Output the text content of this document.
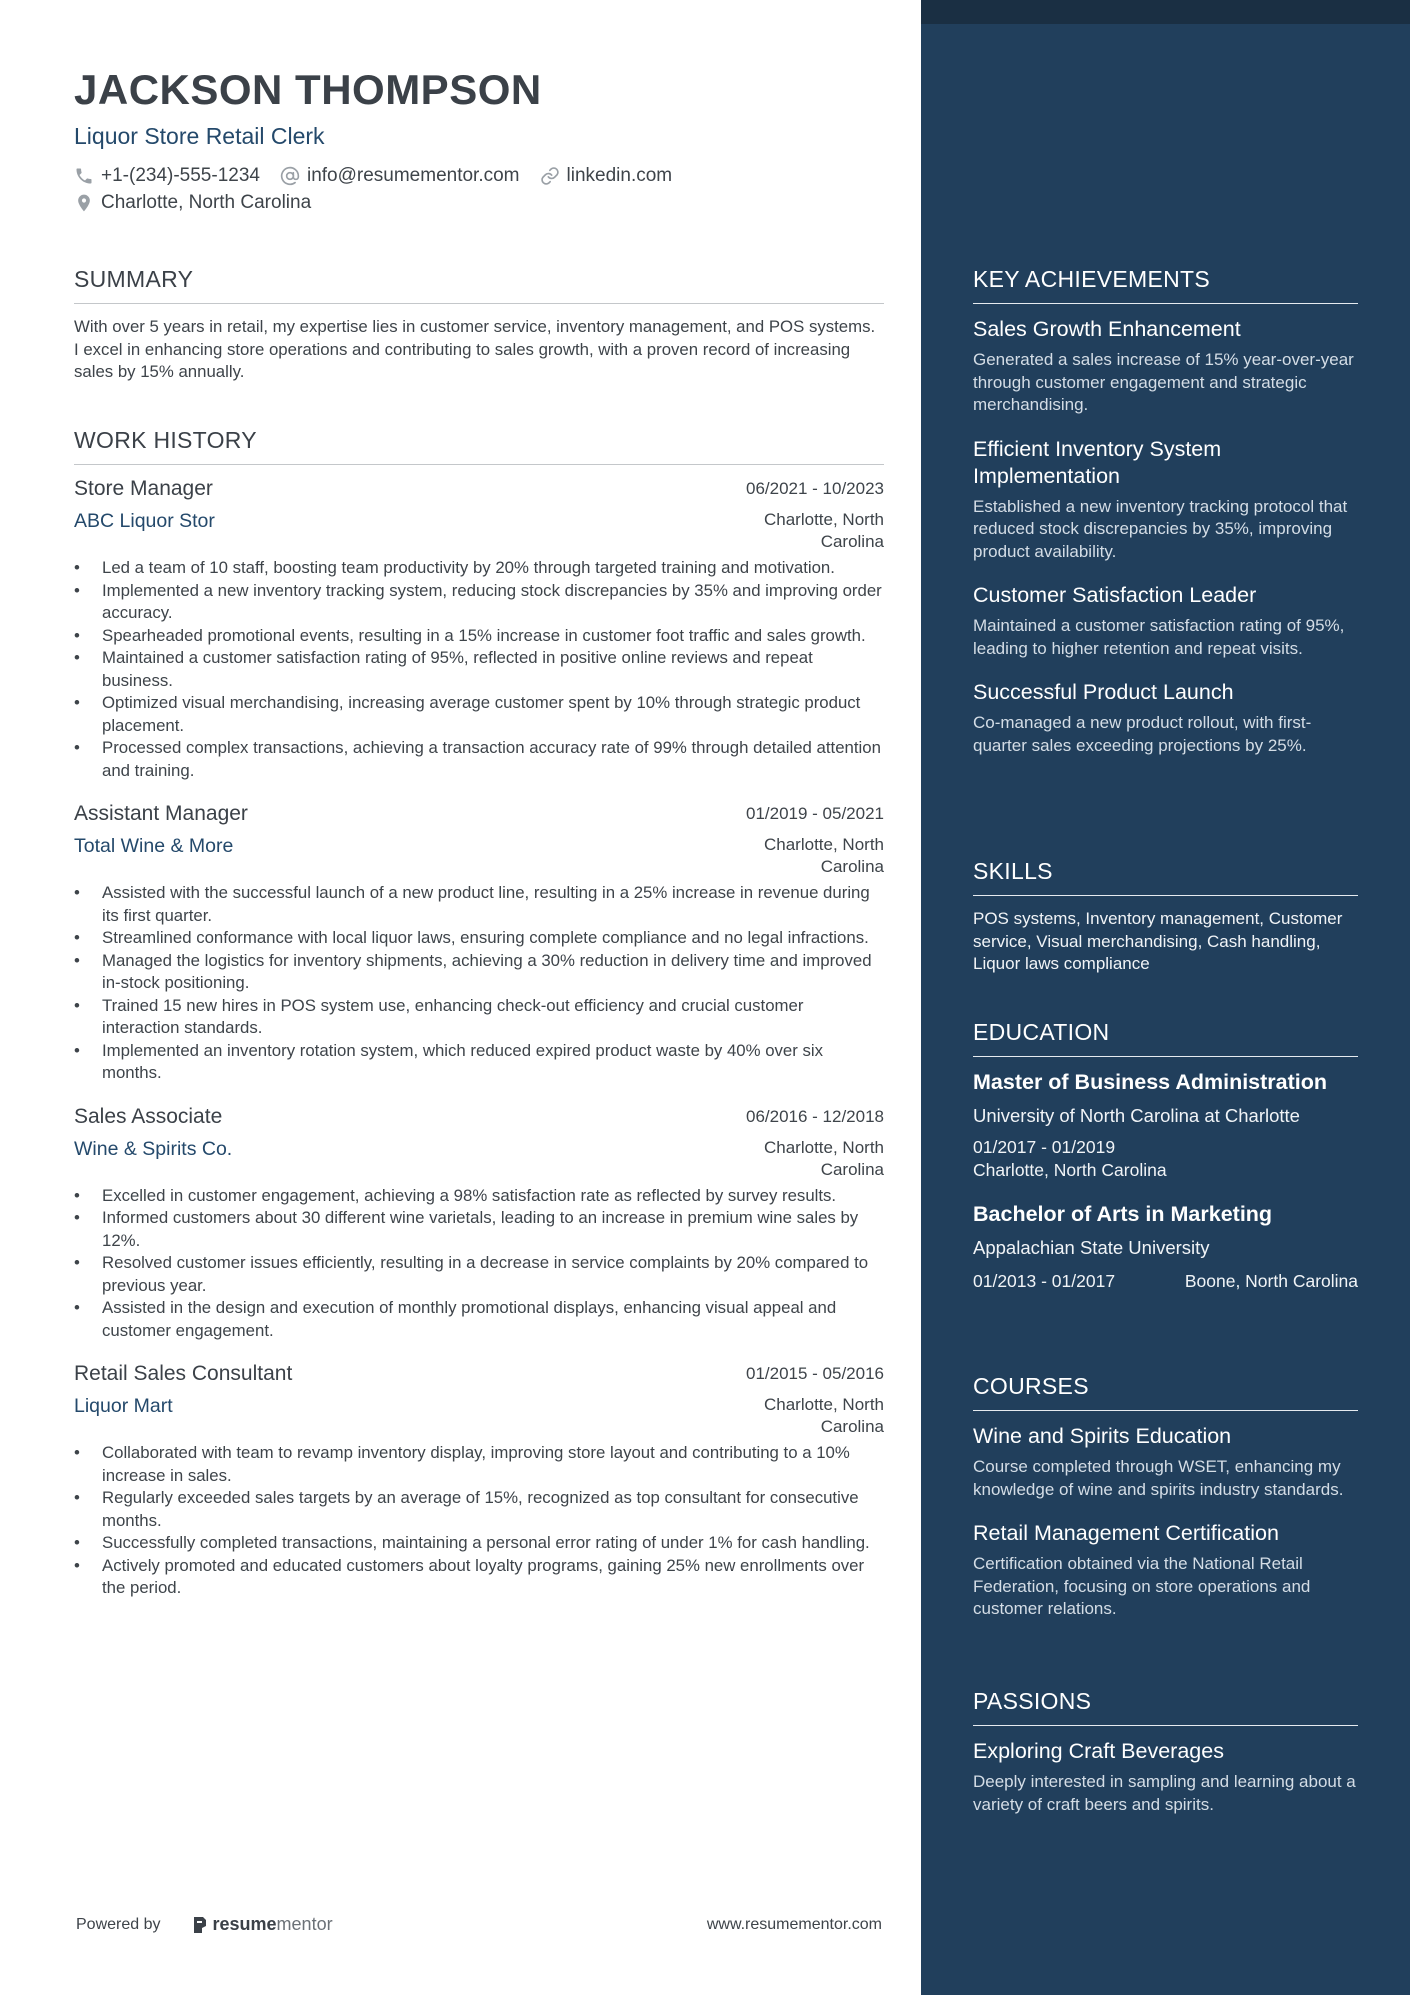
JACKSON THOMPSON
Liquor Store Retail Clerk
+1-(234)-555-1234 info@resumementor.com linkedin.com
Charlotte, North Carolina
SUMMARY
With over 5 years in retail, my expertise lies in customer service, inventory management, and POS systems. I excel in enhancing store operations and contributing to sales growth, with a proven record of increasing sales by 15% annually.
WORK HISTORY
Store Manager	06/2021 - 10/2023
ABC Liquor Stor	Charlotte, North Carolina
• Led a team of 10 staff, boosting team productivity by 20% through targeted training and motivation.
• Implemented a new inventory tracking system, reducing stock discrepancies by 35% and improving order accuracy.
• Spearheaded promotional events, resulting in a 15% increase in customer foot traffic and sales growth.
• Maintained a customer satisfaction rating of 95%, reflected in positive online reviews and repeat business.
• Optimized visual merchandising, increasing average customer spent by 10% through strategic product placement.
• Processed complex transactions, achieving a transaction accuracy rate of 99% through detailed attention and training.
Assistant Manager	01/2019 - 05/2021
Total Wine & More	Charlotte, North Carolina
• Assisted with the successful launch of a new product line, resulting in a 25% increase in revenue during its first quarter.
• Streamlined conformance with local liquor laws, ensuring complete compliance and no legal infractions.
• Managed the logistics for inventory shipments, achieving a 30% reduction in delivery time and improved in-stock positioning.
• Trained 15 new hires in POS system use, enhancing check-out efficiency and crucial customer interaction standards.
• Implemented an inventory rotation system, which reduced expired product waste by 40% over six months.
Sales Associate	06/2016 - 12/2018
Wine & Spirits Co.	Charlotte, North Carolina
• Excelled in customer engagement, achieving a 98% satisfaction rate as reflected by survey results.
• Informed customers about 30 different wine varietals, leading to an increase in premium wine sales by 12%.
• Resolved customer issues efficiently, resulting in a decrease in service complaints by 20% compared to previous year.
• Assisted in the design and execution of monthly promotional displays, enhancing visual appeal and customer engagement.
Retail Sales Consultant	01/2015 - 05/2016
Liquor Mart	Charlotte, North Carolina
• Collaborated with team to revamp inventory display, improving store layout and contributing to a 10% increase in sales.
• Regularly exceeded sales targets by an average of 15%, recognized as top consultant for consecutive months.
• Successfully completed transactions, maintaining a personal error rating of under 1% for cash handling.
• Actively promoted and educated customers about loyalty programs, gaining 25% new enrollments over the period.
Powered by	resume mentor	www.resumementor.com
KEY ACHIEVEMENTS
Sales Growth Enhancement
Generated a sales increase of 15% year-over-year through customer engagement and strategic merchandising.
Efficient Inventory System Implementation
Established a new inventory tracking protocol that reduced stock discrepancies by 35%, improving product availability.
Customer Satisfaction Leader
Maintained a customer satisfaction rating of 95%, leading to higher retention and repeat visits.
Successful Product Launch
Co-managed a new product rollout, with first-quarter sales exceeding projections by 25%.
SKILLS
POS systems, Inventory management, Customer service, Visual merchandising, Cash handling, Liquor laws compliance
EDUCATION
Master of Business Administration
University of North Carolina at Charlotte
01/2017 - 01/2019
Charlotte, North Carolina
Bachelor of Arts in Marketing
Appalachian State University
01/2013 - 01/2017	Boone, North Carolina
COURSES
Wine and Spirits Education
Course completed through WSET, enhancing my knowledge of wine and spirits industry standards.
Retail Management Certification
Certification obtained via the National Retail Federation, focusing on store operations and customer relations.
PASSIONS
Exploring Craft Beverages
Deeply interested in sampling and learning about a variety of craft beers and spirits.
